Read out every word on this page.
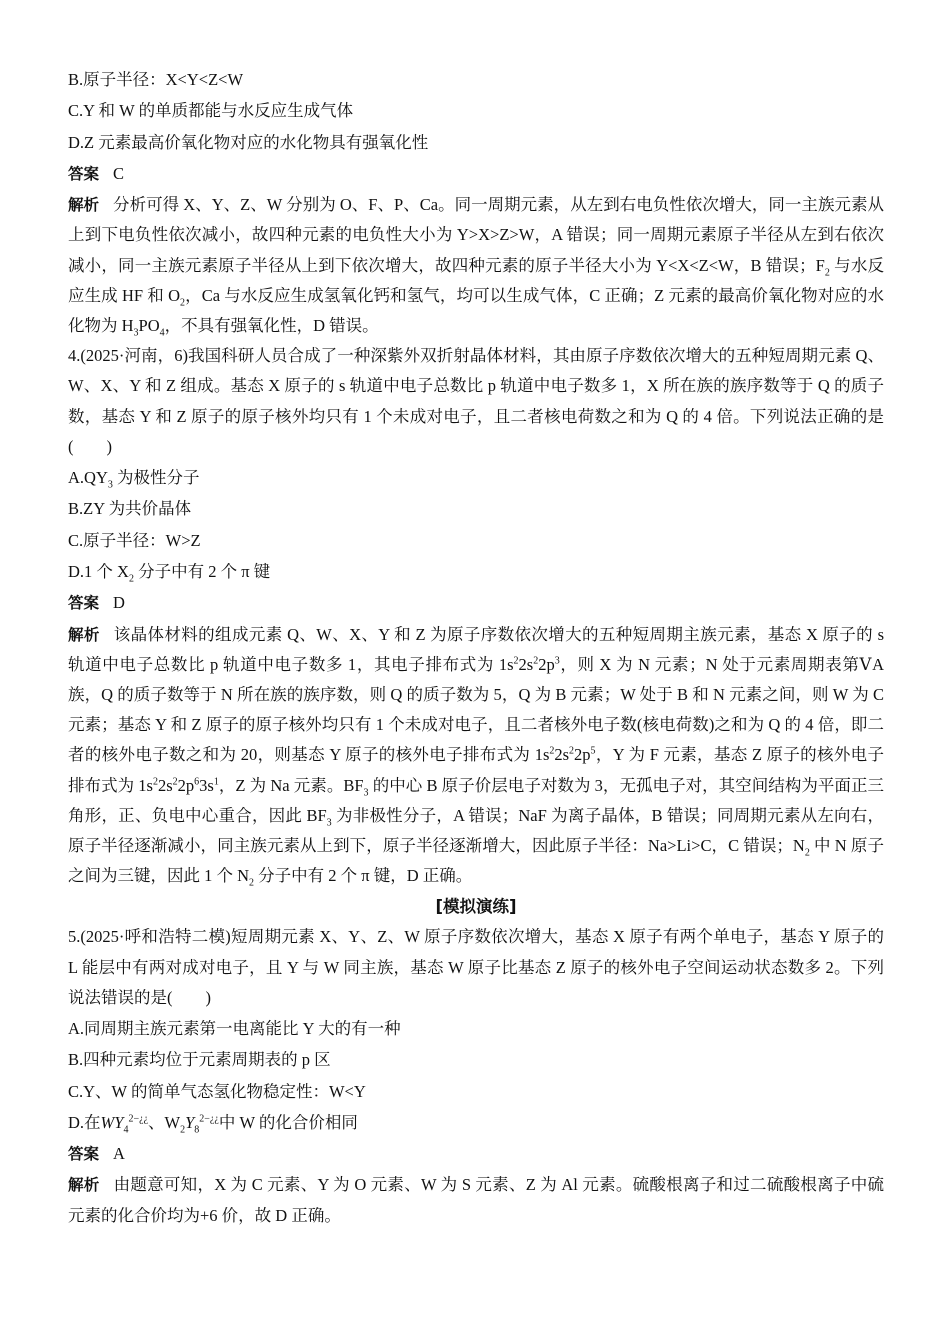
B.原子半径：X<Y<Z<W
C.Y 和 W 的单质都能与水反应生成气体
D.Z 元素最高价氧化物对应的水化物具有强氧化性
答案 C
解析 分析可得 X、Y、Z、W 分别为 O、F、P、Ca。同一周期元素，从左到右电负性依次增大，同一主族元素从上到下电负性依次减小，故四种元素的电负性大小为 Y>X>Z>W，A 错误；同一周期元素原子半径从左到右依次减小，同一主族元素原子半径从上到下依次增大，故四种元素的原子半径大小为 Y<X<Z<W，B 错误；$F_2$ 与水反应生成 HF 和 $O_2$，Ca 与水反应生成氢氧化钙和氢气，均可以生成气体，C 正确；Z 元素的最高价氧化物对应的水化物为 $H_3PO_4$，不具有强氧化性，D 错误。
4.(2025·河南，6)我国科研人员合成了一种深紫外双折射晶体材料，其由原子序数依次增大的五种短周期元素 Q、W、X、Y 和 Z 组成。基态 X 原子的 s 轨道中电子总数比 p 轨道中电子数多 1，X 所在族的族序数等于 Q 的质子数，基态 Y 和 Z 原子的原子核外均只有 1 个未成对电子，且二者核电荷数之和为 Q 的 4 倍。下列说法正确的是(　　)
$A.QY_3$ 为极性分子
B.ZY 为共价晶体
C.原子半径：W>Z
D.1 个 $X_2$ 分子中有 2 个 π 键
答案 D
解析 该晶体材料的组成元素 Q、W、X、Y 和 Z 为原子序数依次增大的五种短周期主族元素，基态 X 原子的 s 轨道中电子总数比 p 轨道中电子数多 1，其电子排布式为 $1s^22s^22p^3$，则 X 为 N 元素；N 处于元素周期表第ⅤA 族，Q 的质子数等于 N 所在族的族序数，则 Q 的质子数为 5，Q 为 B 元素；W 处于 B 和 N 元素之间，则 W 为 C 元素；基态 Y 和 Z 原子的原子核外均只有 1 个未成对电子，且二者核外电子数(核电荷数)之和为 Q 的 4 倍，即二者的核外电子数之和为 20，则基态 Y 原子的核外电子排布式为 $1s^22s^22p^5$，Y 为 F 元素，基态 Z 原子的核外电子排布式为 $1s^22s^22p^63s^1$，Z 为 Na 元素。$BF_3$ 的中心 B 原子价层电子对数为 3，无孤电子对，其空间结构为平面正三角形，正、负电中心重合，因此 $BF_3$ 为非极性分子，A 错误；NaF 为离子晶体，B 错误；同周期元素从左向右，原子半径逐渐减小，同主族元素从上到下，原子半径逐渐增大，因此原子半径：Na>Li>C，C 错误；$N_2$ 中 N 原子之间为三键，因此 1 个 $N_2$ 分子中有 2 个 π 键，D 正确。
[模拟演练]
5.(2025·呼和浩特二模)短周期元素 X、Y、Z、W 原子序数依次增大，基态 X 原子有两个单电子，基态 Y 原子的 L 能层中有两对成对电子，且 Y 与 W 同主族，基态 W 原子比基态 Z 原子的核外电子空间运动状态数多 2。下列说法错误的是(　　)
A.同周期主族元素第一电离能比 Y 大的有一种
B.四种元素均位于元素周期表的 p 区
C.Y、W 的简单气态氢化物稳定性：W<Y
D.在$WY_4^{2-¿¿}$、$W_2Y_8^{2-¿¿}$中 W 的化合价相同
答案 A
解析 由题意可知，X 为 C 元素、Y 为 O 元素、W 为 S 元素、Z 为 Al 元素。硫酸根离子和过二硫酸根离子中硫元素的化合价均为+6 价，故 D 正确。
